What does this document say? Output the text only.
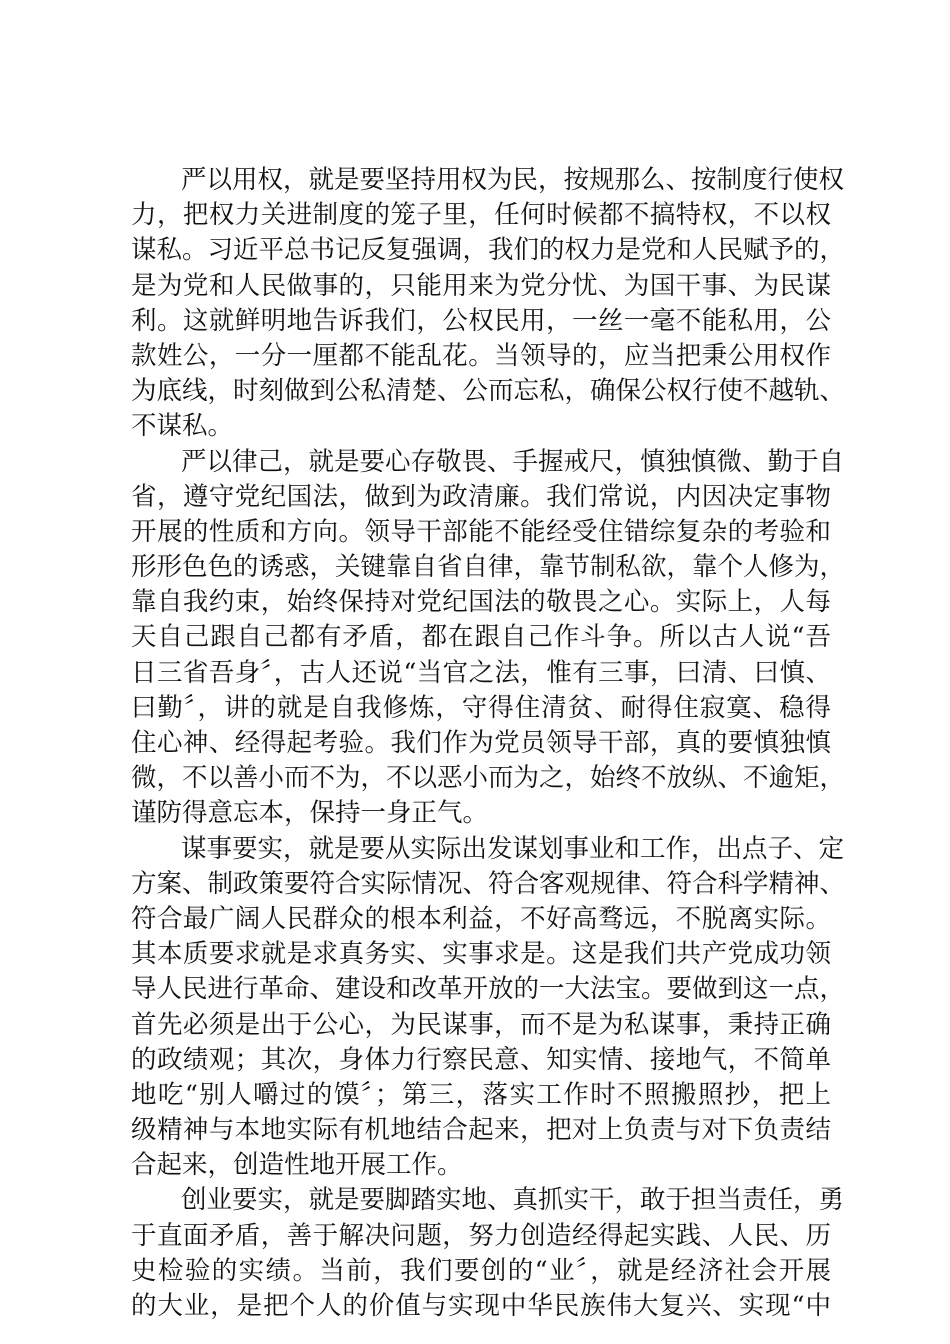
严以用权，就是要坚持用权为民，按规那么、按制度行使权
力，把权力关进制度的笼子里，任何时候都不搞特权，不以权
谋私。习近平总书记反复强调，我们的权力是党和人民赋予的，
是为党和人民做事的，只能用来为党分忧、为国干事、为民谋
利。这就鲜明地告诉我们，公权民用，一丝一毫不能私用，公
款姓公，一分一厘都不能乱花。当领导的，应当把秉公用权作
为底线，时刻做到公私清楚、公而忘私，确保公权行使不越轨、
不谋私。
严以律己，就是要心存敬畏、手握戒尺，慎独慎微、勤于自
省，遵守党纪国法，做到为政清廉。我们常说，内因决定事物
开展的性质和方向。领导干部能不能经受住错综复杂的考验和
形形色色的诱惑，关键靠自省自律，靠节制私欲，靠个人修为，
靠自我约束，始终保持对党纪国法的敬畏之心。实际上，人每
天自己跟自己都有矛盾，都在跟自己作斗争。所以古人说“吾
日三省吾身〞，古人还说“当官之法，惟有三事，曰清、曰慎、
曰勤〞，讲的就是自我修炼，守得住清贫、耐得住寂寞、稳得
住心神、经得起考验。我们作为党员领导干部，真的要慎独慎
微，不以善小而不为，不以恶小而为之，始终不放纵、不逾矩，
谨防得意忘本，保持一身正气。
谋事要实，就是要从实际出发谋划事业和工作，出点子、定
方案、制政策要符合实际情况、符合客观规律、符合科学精神、
符合最广阔人民群众的根本利益，不好高骛远，不脱离实际。
其本质要求就是求真务实、实事求是。这是我们共产党成功领
导人民进行革命、建设和改革开放的一大法宝。要做到这一点，
首先必须是出于公心，为民谋事，而不是为私谋事，秉持正确
的政绩观；其次，身体力行察民意、知实情、接地气，不简单
地吃“别人嚼过的馍〞；第三，落实工作时不照搬照抄，把上
级精神与本地实际有机地结合起来，把对上负责与对下负责结
合起来，创造性地开展工作。
创业要实，就是要脚踏实地、真抓实干，敢于担当责任，勇
于直面矛盾，善于解决问题，努力创造经得起实践、人民、历
史检验的实绩。当前，我们要创的“业〞，就是经济社会开展
的大业，是把个人的价值与实现中华民族伟大复兴、实现“中
